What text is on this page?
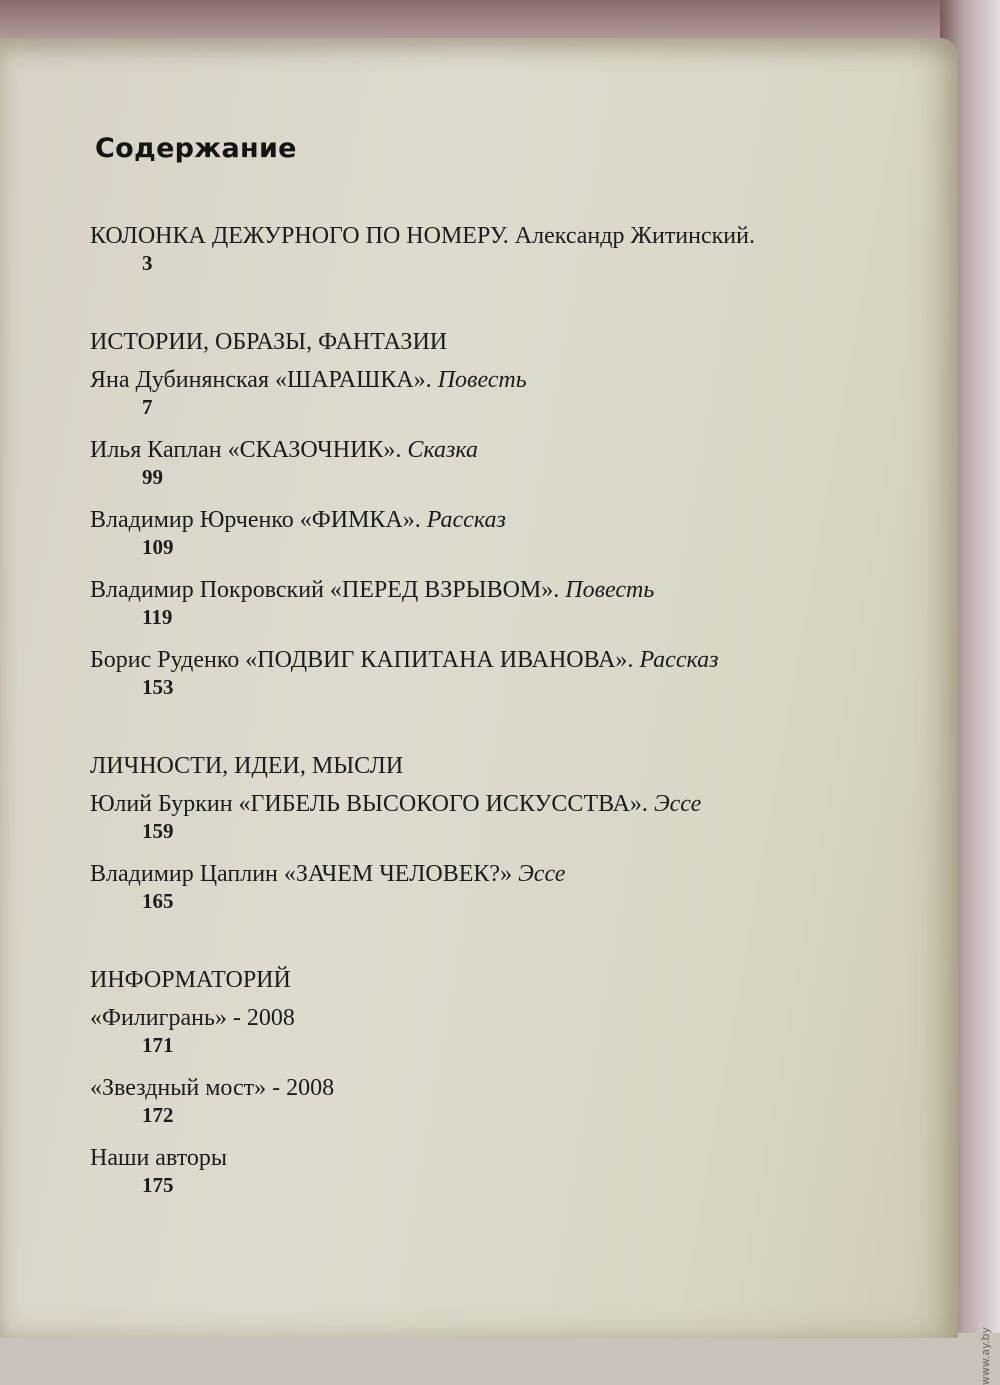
Содержание
КОЛОНКА ДЕЖУРНОГО ПО НОМЕРУ. Александр Житинский.
3
ИСТОРИИ, ОБРАЗЫ, ФАНТАЗИИ
Яна Дубинянская «ШАРАШКА». Повесть
7
Илья Каплан «СКАЗОЧНИК». Сказка
99
Владимир Юрченко «ФИМКА». Рассказ
109
Владимир Покровский «ПЕРЕД ВЗРЫВОМ». Повесть
119
Борис Руденко «ПОДВИГ КАПИТАНА ИВАНОВА». Рассказ
153
ЛИЧНОСТИ, ИДЕИ, МЫСЛИ
Юлий Буркин «ГИБЕЛЬ ВЫСОКОГО ИСКУССТВА». Эссе
159
Владимир Цаплин «ЗАЧЕМ ЧЕЛОВЕК?» Эссе
165
ИНФОРМАТОРИЙ
«Филигрань» - 2008
171
«Звездный мост» - 2008
172
Наши авторы
175
www.ay.by
